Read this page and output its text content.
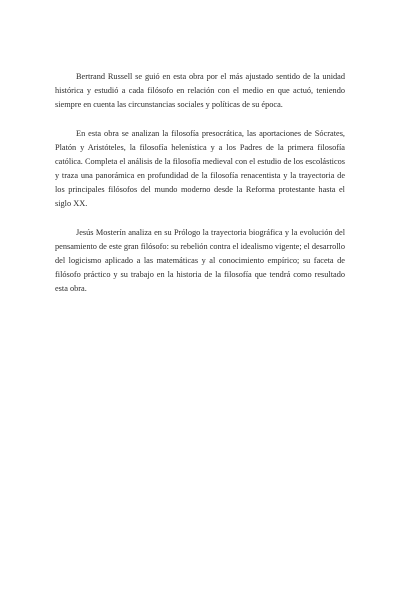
Bertrand Russell se guió en esta obra por el más ajustado sentido de la unidad histórica y estudió a cada filósofo en relación con el medio en que actuó, teniendo siempre en cuenta las circunstancias sociales y políticas de su época.

En esta obra se analizan la filosofía presocrática, las aportaciones de Sócrates, Platón y Aristóteles, la filosofía helenística y a los Padres de la primera filosofía católica. Completa el análisis de la filosofía medieval con el estudio de los escolásticos y traza una panorámica en profundidad de la filosofía renacentista y la trayectoria de los principales filósofos del mundo moderno desde la Reforma protestante hasta el siglo XX.

Jesús Mosterín analiza en su Prólogo la trayectoria biográfica y la evolución del pensamiento de este gran filósofo: su rebelión contra el idealismo vigente; el desarrollo del logicismo aplicado a las matemáticas y al conocimiento empírico; su faceta de filósofo práctico y su trabajo en la historia de la filosofía que tendrá como resultado esta obra.
